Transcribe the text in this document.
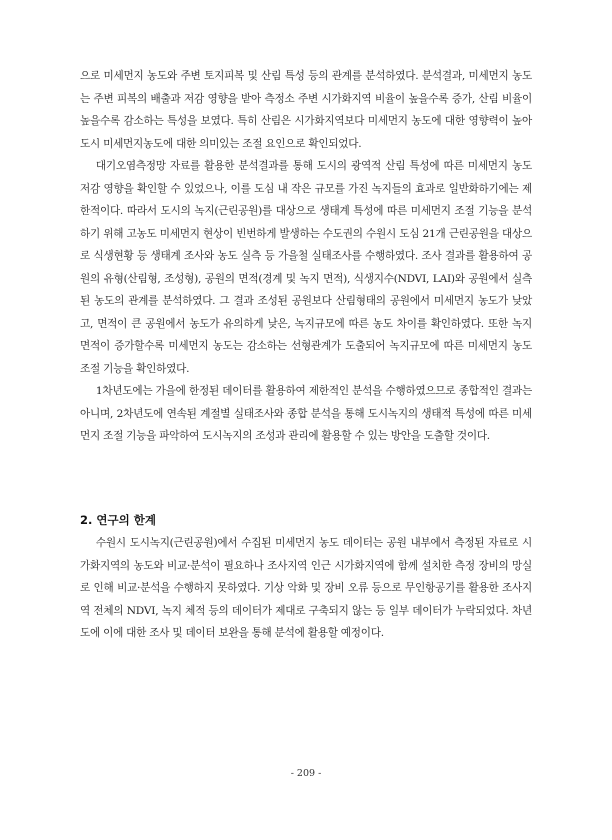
으로 미세먼지 농도와 주변 토지피복 및 산림 특성 등의 관계를 분석하였다. 분석결과, 미세먼지 농도는 주변 피복의 배출과 저감 영향을 받아 측정소 주변 시가화지역 비율이 높을수록 증가, 산림 비율이 높을수록 감소하는 특성을 보였다. 특히 산림은 시가화지역보다 미세먼지 농도에 대한 영향력이 높아 도시 미세먼지농도에 대한 의미있는 조절 요인으로 확인되었다.

대기오염측정망 자료를 활용한 분석결과를 통해 도시의 광역적 산림 특성에 따른 미세먼지 농도 저감 영향을 확인할 수 있었으나, 이를 도심 내 작은 규모를 가진 녹지들의 효과로 일반화하기에는 제한적이다. 따라서 도시의 녹지(근린공원)를 대상으로 생태계 특성에 따른 미세먼지 조절 기능을 분석하기 위해 고농도 미세먼지 현상이 빈번하게 발생하는 수도권의 수원시 도심 21개 근린공원을 대상으로 식생현황 등 생태계 조사와 농도 실측 등 가을철 실태조사를 수행하였다. 조사 결과를 활용하여 공원의 유형(산림형, 조성형), 공원의 면적(경계 및 녹지 면적), 식생지수(NDVI, LAI)와 공원에서 실측된 농도의 관계를 분석하였다. 그 결과 조성된 공원보다 산림형태의 공원에서 미세먼지 농도가 낮았고, 면적이 큰 공원에서 농도가 유의하게 낮은, 녹지규모에 따른 농도 차이를 확인하였다. 또한 녹지 면적이 증가할수록 미세먼지 농도는 감소하는 선형관계가 도출되어 녹지규모에 따른 미세먼지 농도 조절 기능을 확인하였다.

1차년도에는 가을에 한정된 데이터를 활용하여 제한적인 분석을 수행하였으므로 종합적인 결과는 아니며, 2차년도에 연속된 계절별 실태조사와 종합 분석을 통해 도시녹지의 생태적 특성에 따른 미세먼지 조절 기능을 파악하여 도시녹지의 조성과 관리에 활용할 수 있는 방안을 도출할 것이다.

2. 연구의 한계

수원시 도시녹지(근린공원)에서 수집된 미세먼지 농도 데이터는 공원 내부에서 측정된 자료로 시가화지역의 농도와 비교·분석이 필요하나 조사지역 인근 시가화지역에 함께 설치한 측정 장비의 망실로 인해 비교·분석을 수행하지 못하였다. 기상 악화 및 장비 오류 등으로 무인항공기를 활용한 조사지역 전체의 NDVI, 녹지 체적 등의 데이터가 제대로 구축되지 않는 등 일부 데이터가 누락되었다. 차년도에 이에 대한 조사 및 데이터 보완을 통해 분석에 활용할 예정이다.

- 209 -
